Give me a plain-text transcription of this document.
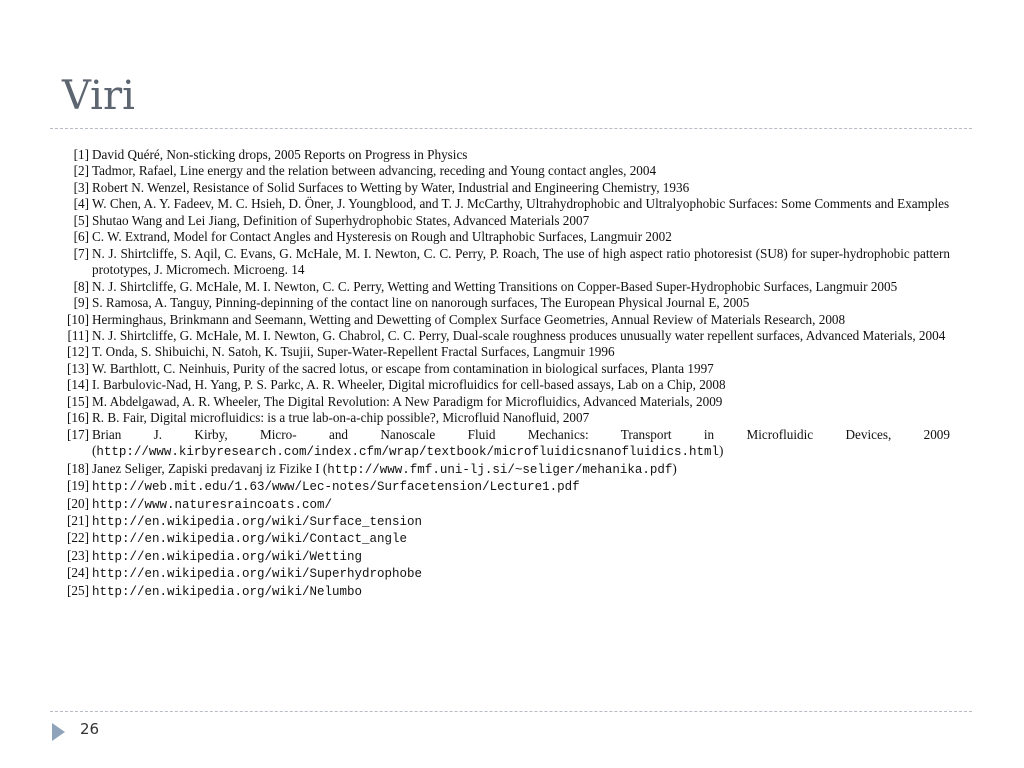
Viri
[1] David Quéré, Non-sticking drops, 2005 Reports on Progress in Physics
[2] Tadmor, Rafael, Line energy and the relation between advancing, receding and Young contact angles, 2004
[3] Robert N. Wenzel, Resistance of Solid Surfaces to Wetting by Water, Industrial and Engineering Chemistry, 1936
[4] W. Chen, A. Y. Fadeev, M. C. Hsieh, D. Öner, J. Youngblood, and T. J. McCarthy, Ultrahydrophobic and Ultralyophobic Surfaces: Some Comments and Examples
[5] Shutao Wang and Lei Jiang, Definition of Superhydrophobic States, Advanced Materials 2007
[6] C. W. Extrand, Model for Contact Angles and Hysteresis on Rough and Ultraphobic Surfaces, Langmuir 2002
[7] N. J. Shirtcliffe, S. Aqil, C. Evans, G. McHale, M. I. Newton, C. C. Perry, P. Roach, The use of high aspect ratio photoresist (SU8) for super-hydrophobic pattern prototypes, J. Micromech. Microeng. 14
[8] N. J. Shirtcliffe, G. McHale, M. I. Newton, C. C. Perry, Wetting and Wetting Transitions on Copper-Based Super-Hydrophobic Surfaces, Langmuir 2005
[9] S. Ramosa, A. Tanguy, Pinning-depinning of the contact line on nanorough surfaces, The European Physical Journal E, 2005
[10] Herminghaus, Brinkmann and Seemann, Wetting and Dewetting of Complex Surface Geometries, Annual Review of Materials Research, 2008
[11] N. J. Shirtcliffe, G. McHale, M. I. Newton, G. Chabrol, C. C. Perry, Dual-scale roughness produces unusually water repellent surfaces, Advanced Materials, 2004
[12] T. Onda, S. Shibuichi, N. Satoh, K. Tsujii, Super-Water-Repellent Fractal Surfaces, Langmuir 1996
[13] W. Barthlott, C. Neinhuis, Purity of the sacred lotus, or escape from contamination in biological surfaces, Planta 1997
[14] I. Barbulovic-Nad, H. Yang, P. S. Parkc, A. R. Wheeler, Digital microfluidics for cell-based assays, Lab on a Chip, 2008
[15] M. Abdelgawad, A. R. Wheeler, The Digital Revolution: A New Paradigm for Microfluidics, Advanced Materials, 2009
[16] R. B. Fair, Digital microfluidics: is a true lab-on-a-chip possible?, Microfluid Nanofluid, 2007
[17] Brian J. Kirby, Micro- and Nanoscale Fluid Mechanics: Transport in Microfluidic Devices, 2009 (http://www.kirbyresearch.com/index.cfm/wrap/textbook/microfluidicsnanofluidics.html)
[18] Janez Seliger, Zapiski predavanj iz Fizike I (http://www.fmf.uni-lj.si/~seliger/mehanika.pdf)
[19] http://web.mit.edu/1.63/www/Lec-notes/Surfacetension/Lecture1.pdf
[20] http://www.naturesraincoats.com/
[21] http://en.wikipedia.org/wiki/Surface_tension
[22] http://en.wikipedia.org/wiki/Contact_angle
[23] http://en.wikipedia.org/wiki/Wetting
[24] http://en.wikipedia.org/wiki/Superhydrophobe
[25] http://en.wikipedia.org/wiki/Nelumbo
26
